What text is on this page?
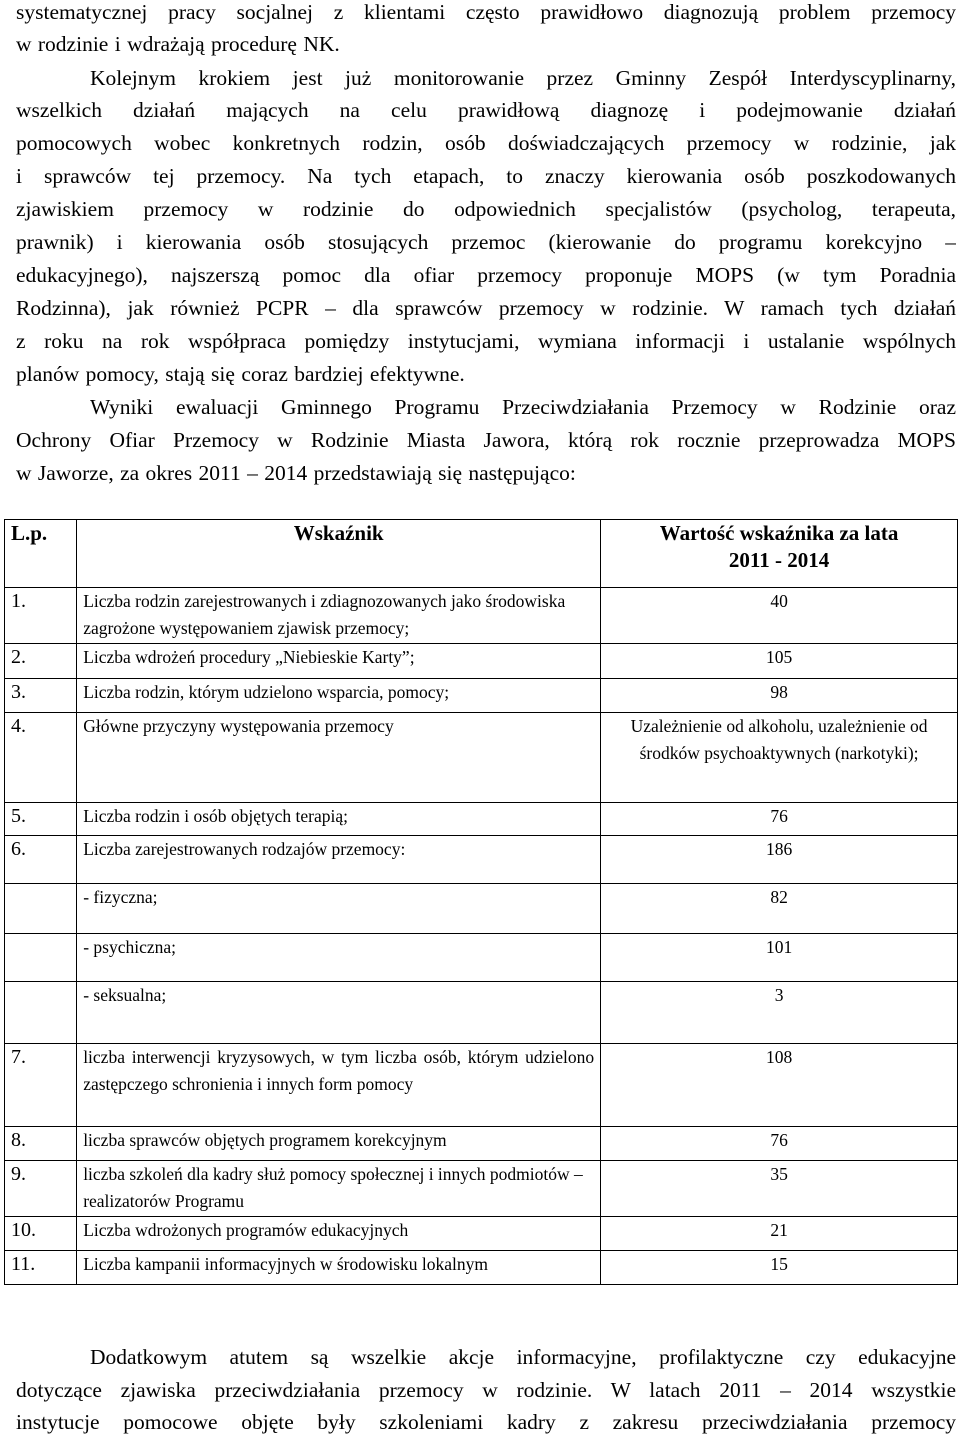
systematycznej pracy socjalnej z klientami często prawidłowo diagnozują problem przemocy
w rodzinie i wdrażają procedurę NK.
Kolejnym krokiem jest już monitorowanie przez Gminny Zespół Interdyscyplinarny,
wszelkich działań mających na celu prawidłową diagnozę i podejmowanie działań
pomocowych wobec konkretnych rodzin, osób doświadczających przemocy w rodzinie, jak
i sprawców tej przemocy. Na tych etapach, to znaczy kierowania osób poszkodowanych
zjawiskiem przemocy w rodzinie do odpowiednich specjalistów (psycholog, terapeuta,
prawnik) i kierowania osób stosujących przemoc (kierowanie do programu korekcyjno –
edukacyjnego), najszerszą pomoc dla ofiar przemocy proponuje MOPS (w tym Poradnia
Rodzinna), jak również PCPR – dla sprawców przemocy w rodzinie. W ramach tych działań
z roku na rok współpraca pomiędzy instytucjami, wymiana informacji i ustalanie wspólnych
planów pomocy, stają się coraz bardziej efektywne.
Wyniki ewaluacji Gminnego Programu Przeciwdziałania Przemocy w Rodzinie oraz
Ochrony Ofiar Przemocy w Rodzinie Miasta Jawora, którą rok rocznie przeprowadza MOPS
w Jaworze, za okres 2011 – 2014 przedstawiają się następująco:
L.p.	Wskaźnik	Wartość wskaźnika za lata
2011 - 2014
1.	Liczba rodzin zarejestrowanych i zdiagnozowanych jako środowiska zagrożone występowaniem zjawisk przemocy;	40
2.	Liczba wdrożeń procedury „Niebieskie Karty”;	105
3.	Liczba rodzin, którym udzielono wsparcia, pomocy;	98
4.	Główne przyczyny występowania przemocy	Uzależnienie od alkoholu, uzależnienie od środków psychoaktywnych (narkotyki);
5.	Liczba rodzin i osób objętych terapią;	76
6.	Liczba zarejestrowanych rodzajów przemocy:	186
	- fizyczna;	82
	- psychiczna;	101
	- seksualna;	3
7.	liczba interwencji kryzysowych, w tym liczba osób, którym udzielono zastępczego schronienia i innych form pomocy	108
8.	liczba sprawców objętych programem korekcyjnym	76
9.	liczba szkoleń dla kadry służ pomocy społecznej i innych podmiotów – realizatorów Programu	35
10.	Liczba wdrożonych programów edukacyjnych	21
11.	Liczba kampanii informacyjnych w środowisku lokalnym	15
Dodatkowym atutem są wszelkie akcje informacyjne, profilaktyczne czy edukacyjne
dotyczące zjawiska przeciwdziałania przemocy w rodzinie. W latach 2011 – 2014 wszystkie
instytucje pomocowe objęte były szkoleniami kadry z zakresu przeciwdziałania przemocy
